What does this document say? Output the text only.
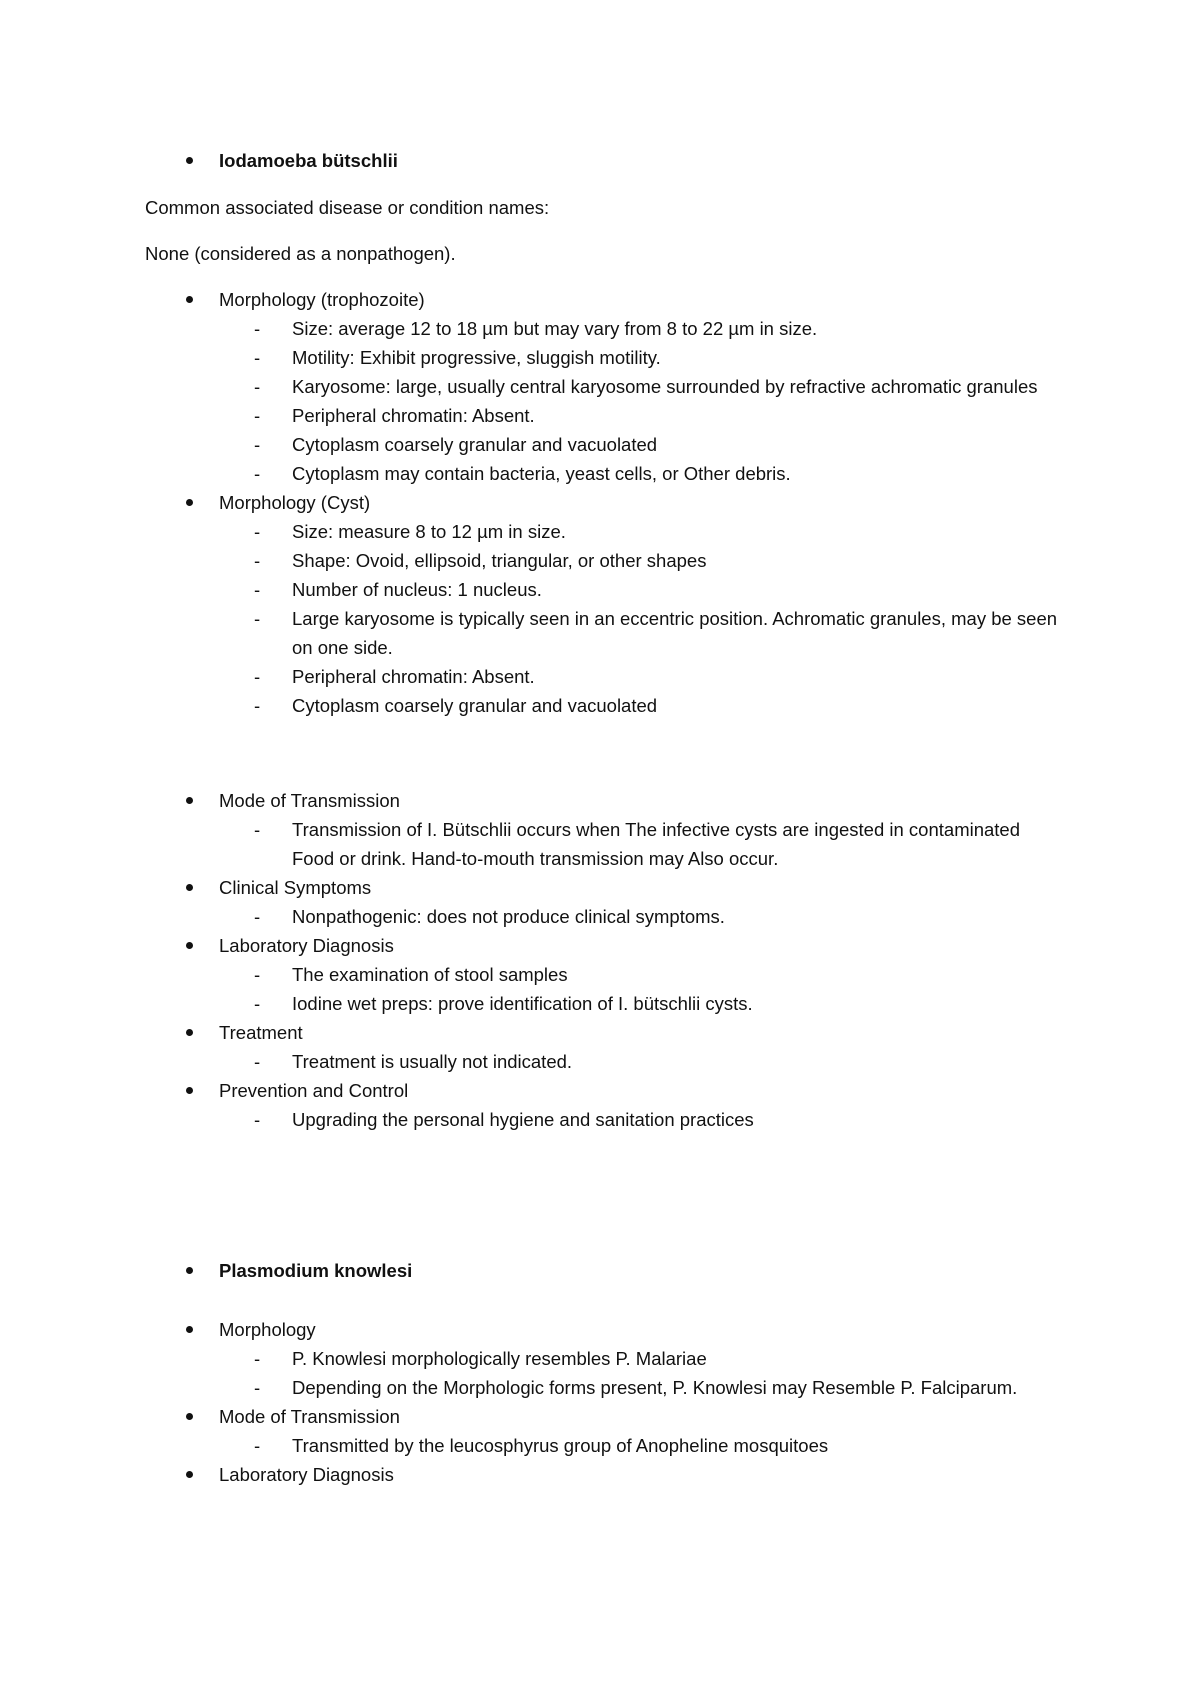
Iodamoeba bütschlii
Common associated disease or condition names:
None (considered as a nonpathogen).
Morphology (trophozoite)
- Size: average 12 to 18 µm but may vary from 8 to 22 µm in size.
- Motility: Exhibit progressive, sluggish motility.
- Karyosome: large, usually central karyosome surrounded by refractive achromatic granules
- Peripheral chromatin: Absent.
- Cytoplasm coarsely granular and vacuolated
- Cytoplasm may contain bacteria, yeast cells, or Other debris.
Morphology (Cyst)
- Size: measure 8 to 12 µm in size.
- Shape: Ovoid, ellipsoid, triangular, or other shapes
- Number of nucleus: 1 nucleus.
- Large karyosome is typically seen in an eccentric position. Achromatic granules, may be seen on one side.
- Peripheral chromatin: Absent.
- Cytoplasm coarsely granular and vacuolated
Mode of Transmission
- Transmission of I. Bütschlii occurs when The infective cysts are ingested in contaminated Food or drink. Hand-to-mouth transmission may Also occur.
Clinical Symptoms
- Nonpathogenic: does not produce clinical symptoms.
Laboratory Diagnosis
- The examination of stool samples
- Iodine wet preps: prove identification of I. bütschlii cysts.
Treatment
- Treatment is usually not indicated.
Prevention and Control
- Upgrading the personal hygiene and sanitation practices
Plasmodium knowlesi
Morphology
- P. Knowlesi morphologically resembles P. Malariae
- Depending on the Morphologic forms present, P. Knowlesi may Resemble P. Falciparum.
Mode of Transmission
- Transmitted by the leucosphyrus group of Anopheline mosquitoes
Laboratory Diagnosis
